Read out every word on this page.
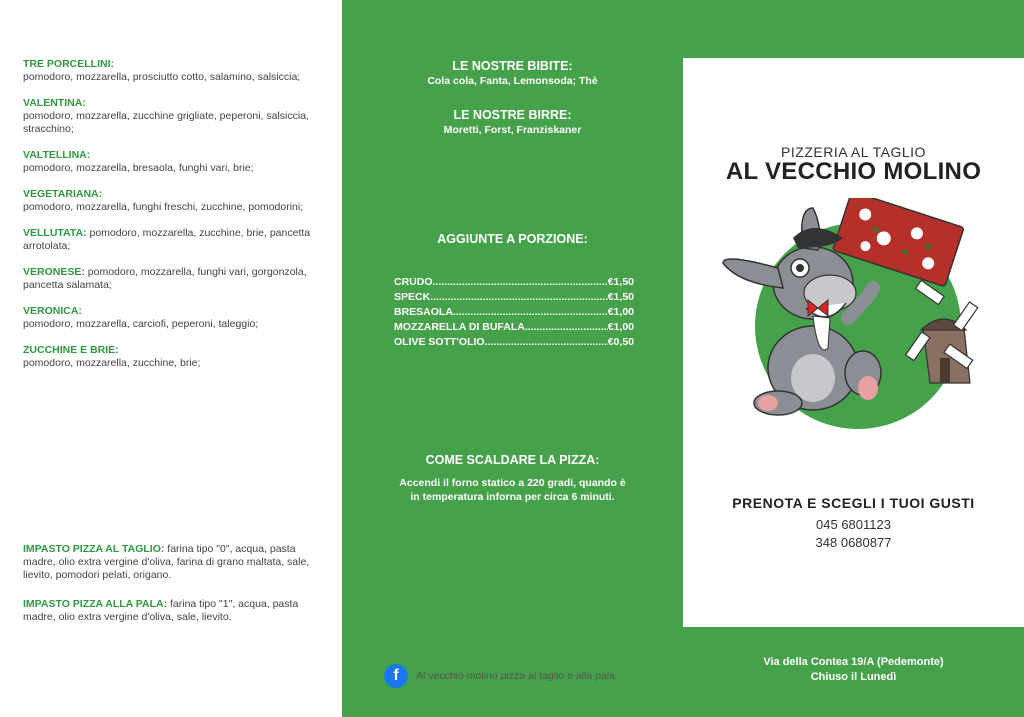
TRE PORCELLINI:
pomodoro, mozzarella, prosciutto cotto, salamino, salsiccia;
VALENTINA:
pomodoro, mozzarella, zucchine grigliate, peperoni, salsiccia, stracchino;
VALTELLINA:
pomodoro, mozzarella, bresaola, funghi vari, brie;
VEGETARIANA:
pomodoro, mozzarella, funghi freschi, zucchine, pomodorini;
VELLUTATA: pomodoro, mozzarella, zucchine, brie, pancetta arrotolata;
VERONESE: pomodoro, mozzarella, funghi vari, gorgonzola, pancetta salamata;
VERONICA:
pomodoro, mozzarella, carciofi, peperoni, taleggio;
ZUCCHINE E BRIE:
pomodoro, mozzarella, zucchine, brie;
IMPASTO PIZZA AL TAGLIO: farina tipo "0", acqua, pasta madre, olio extra vergine d'oliva, farina di grano maltata, sale, lievito, pomodori pelati, origano.
IMPASTO PIZZA ALLA PALA: farina tipo "1", acqua, pasta madre, olio extra vergine d'oliva, sale, lievito.
LE NOSTRE BIBITE:
Cola cola, Fanta, Lemonsoda; Thè
LE NOSTRE BIRRE:
Moretti, Forst, Franziskaner
AGGIUNTE A PORZIONE:
CRUDO .....	€1,50
SPECK .....	€1,50
BRESAOLA .....	€1,00
MOZZARELLA DI BUFALA .....	€1,00
OLIVE SOTT'OLIO .....	€0,50
COME SCALDARE LA PIZZA:
Accendi il forno statico a 220 gradi, quando è in temperatura inforna per circa 6 minuti.
PIZZERIA AL TAGLIO
AL VECCHIO MOLINO
PRENOTA E SCEGLI I TUOI GUSTI
045 6801123
348 0680877
Via della Contea 19/A (Pedemonte)
Chiuso il Lunedì
f Al vecchio molino pizza al taglio e alla pala
